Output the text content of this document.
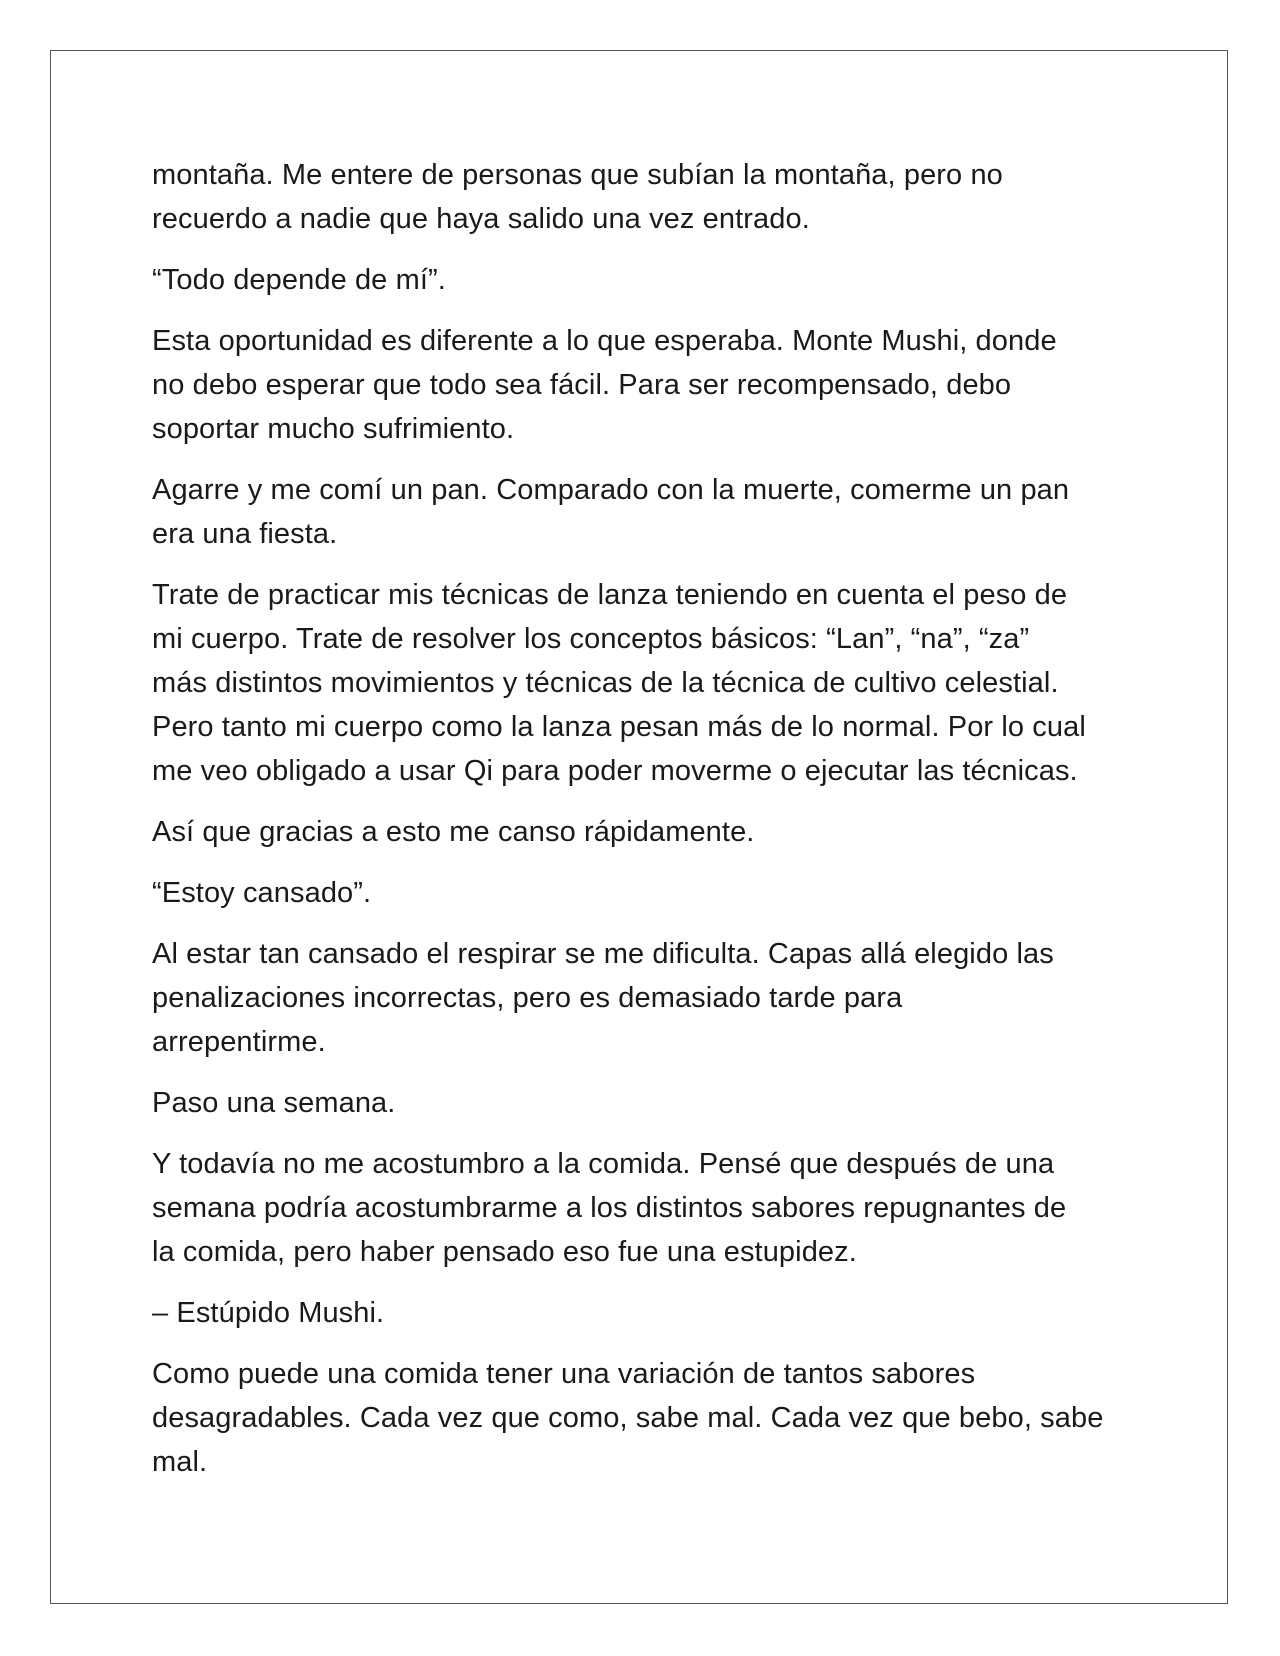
montaña. Me entere de personas que subían la montaña, pero no
recuerdo a nadie que haya salido una vez entrado.

“Todo depende de mí”.

Esta oportunidad es diferente a lo que esperaba. Monte Mushi, donde
no debo esperar que todo sea fácil. Para ser recompensado, debo
soportar mucho sufrimiento.

Agarre y me comí un pan. Comparado con la muerte, comerme un pan
era una fiesta.

Trate de practicar mis técnicas de lanza teniendo en cuenta el peso de
mi cuerpo. Trate de resolver los conceptos básicos: “Lan”, “na”, “za”
más distintos movimientos y técnicas de la técnica de cultivo celestial.
Pero tanto mi cuerpo como la lanza pesan más de lo normal. Por lo cual
me veo obligado a usar Qi para poder moverme o ejecutar las técnicas.

Así que gracias a esto me canso rápidamente.

“Estoy cansado”.

Al estar tan cansado el respirar se me dificulta. Capas allá elegido las
penalizaciones incorrectas, pero es demasiado tarde para
arrepentirme.

Paso una semana.

Y todavía no me acostumbro a la comida. Pensé que después de una
semana podría acostumbrarme a los distintos sabores repugnantes de
la comida, pero haber pensado eso fue una estupidez.

– Estúpido Mushi.

Como puede una comida tener una variación de tantos sabores
desagradables. Cada vez que como, sabe mal. Cada vez que bebo, sabe
mal.
